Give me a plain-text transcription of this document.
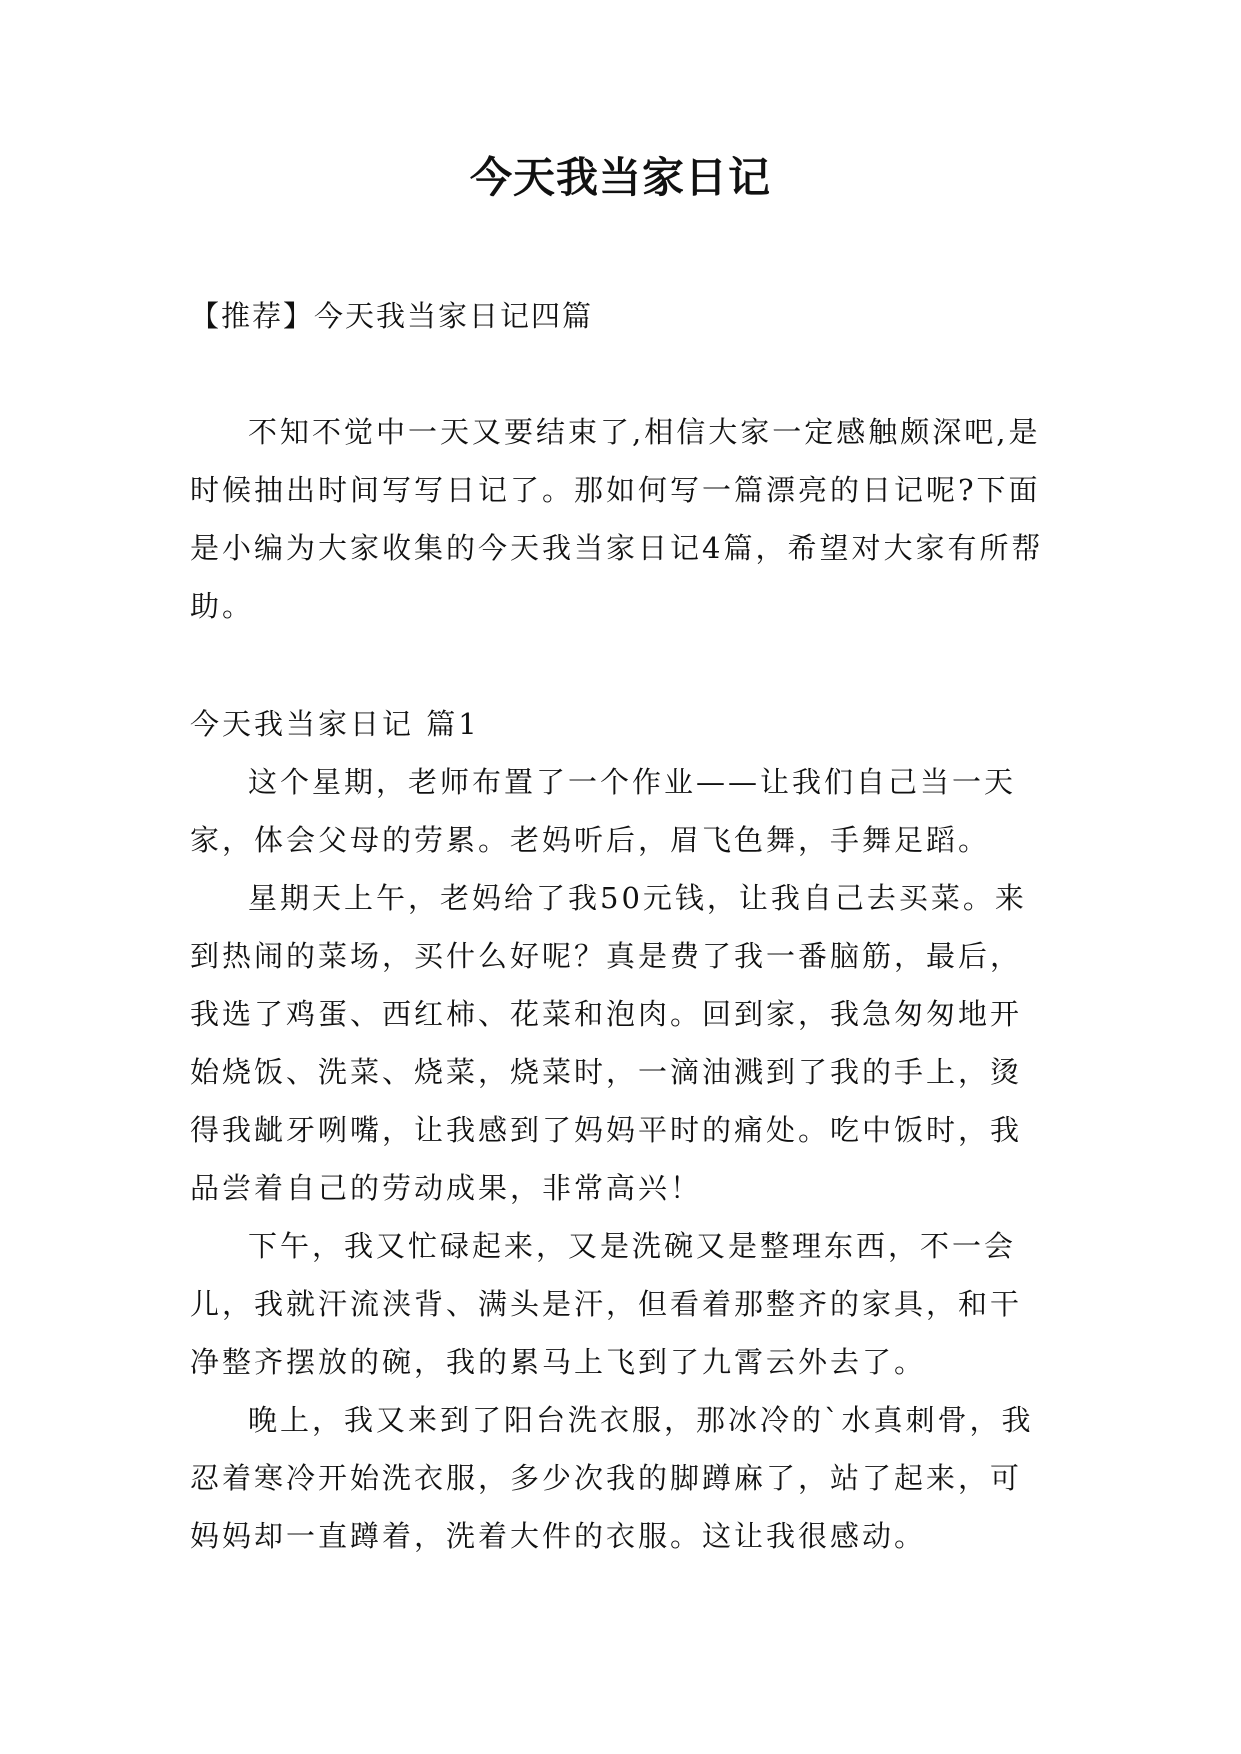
今天我当家日记
【推荐】今天我当家日记四篇

不知不觉中一天又要结束了,相信大家一定感触颇深吧,是时候抽出时间写写日记了。那如何写一篇漂亮的日记呢?下面是小编为大家收集的今天我当家日记4篇，希望对大家有所帮助。

今天我当家日记 篇1

这个星期，老师布置了一个作业——让我们自己当一天家，体会父母的劳累。老妈听后，眉飞色舞，手舞足蹈。

星期天上午，老妈给了我50元钱，让我自己去买菜。来到热闹的菜场，买什么好呢？真是费了我一番脑筋，最后，我选了鸡蛋、西红柿、花菜和泡肉。回到家，我急匆匆地开始烧饭、洗菜、烧菜，烧菜时，一滴油溅到了我的手上，烫得我龇牙咧嘴，让我感到了妈妈平时的痛处。吃中饭时，我品尝着自己的劳动成果，非常高兴！

下午，我又忙碌起来，又是洗碗又是整理东西，不一会儿，我就汗流浃背、满头是汗，但看着那整齐的家具，和干净整齐摆放的碗，我的累马上飞到了九霄云外去了。

晚上，我又来到了阳台洗衣服，那冰冷的`水真刺骨，我忍着寒冷开始洗衣服，多少次我的脚蹲麻了，站了起来，可妈妈却一直蹲着，洗着大件的衣服。这让我很感动。
